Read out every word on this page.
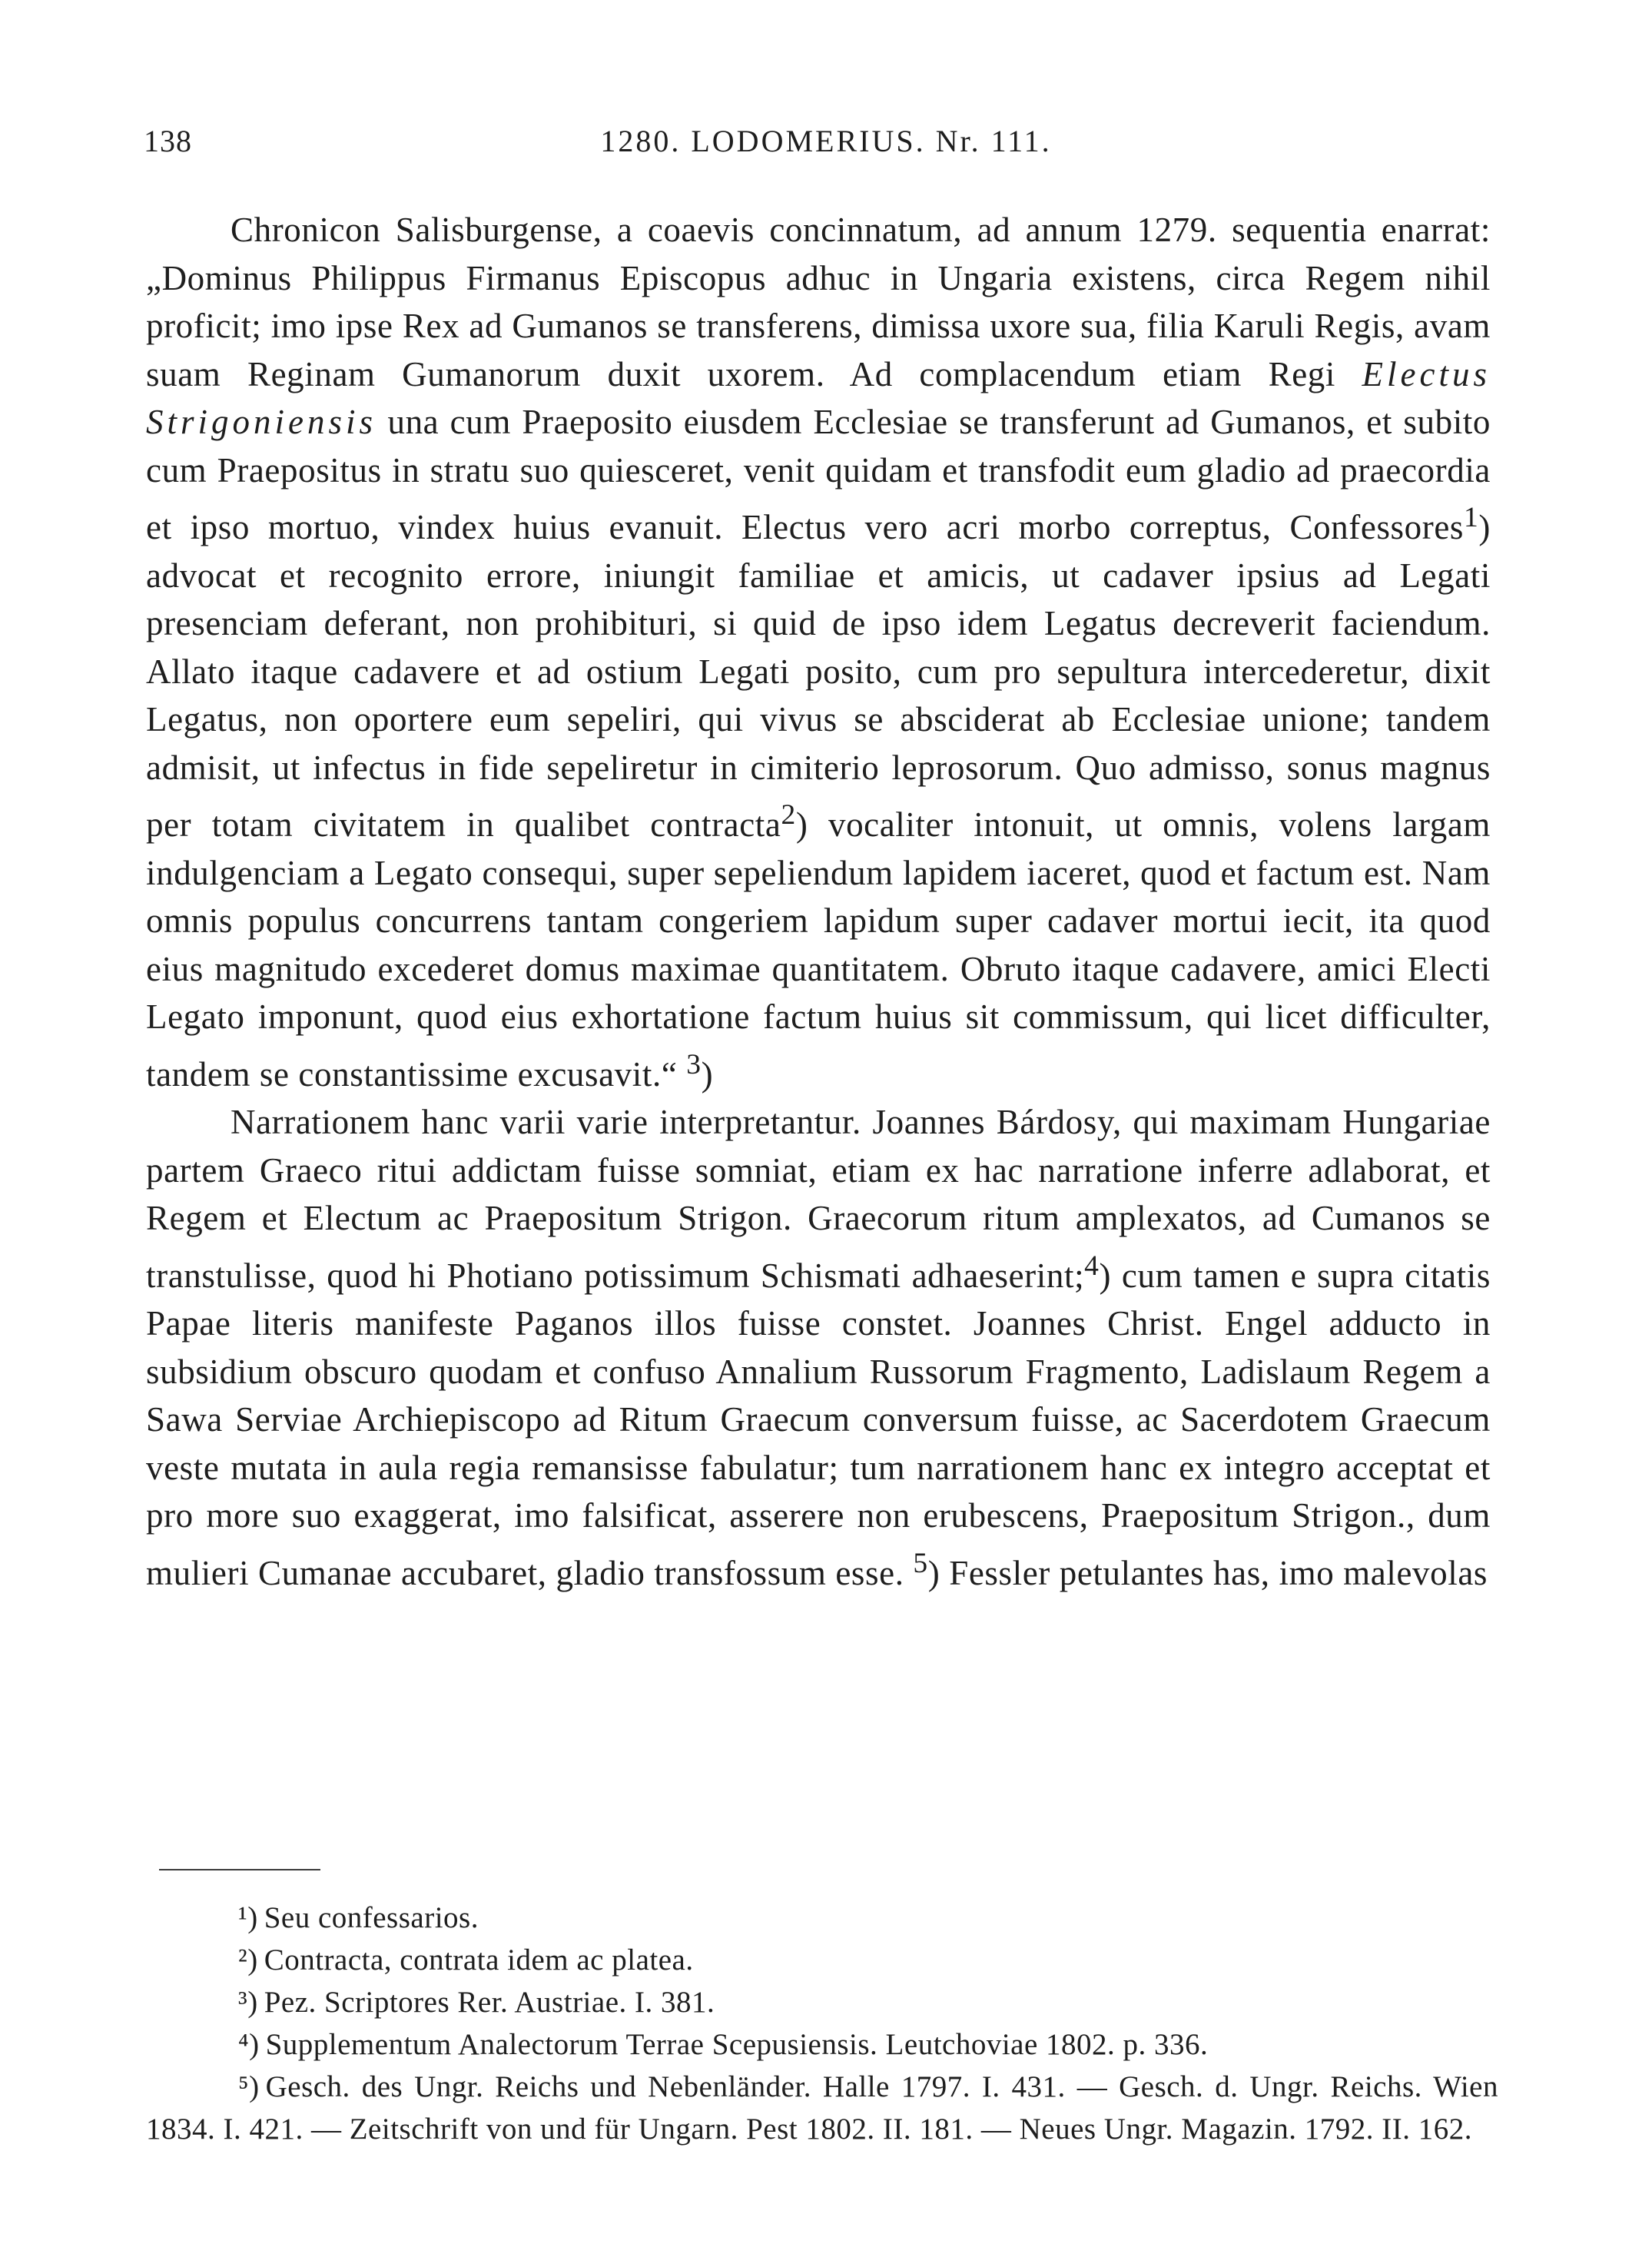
138	1280. LODOMERIUS. Nr. 111.

Chronicon Salisburgense, a coaevis concinnatum, ad annum 1279. sequentia enarrat: „Dominus Philippus Firmanus Episcopus adhuc in Ungaria existens, circa Regem nihil proficit; imo ipse Rex ad Gumanos se transferens, dimissa uxore sua, filia Karuli Regis, avam suam Reginam Gumanorum duxit uxorem. Ad complacendum etiam Regi Electus Strigoniensis una cum Praeposito eiusdem Ecclesiae se transferunt ad Gumanos, et subito cum Praepositus in stratu suo quiesceret, venit quidam et transfodit eum gladio ad praecordia et ipso mortuo, vindex huius evanuit. Electus vero acri morbo correptus, Confessores$^1$) advocat et recognito errore, iniungit familiae et amicis, ut cadaver ipsius ad Legati presenciam deferant, non prohibituri, si quid de ipso idem Legatus decreverit faciendum. Allato itaque cadavere et ad ostium Legati posito, cum pro sepultura intercederetur, dixit Legatus, non oportere eum sepeliri, qui vivus se absciderat ab Ecclesiae unione; tandem admisit, ut infectus in fide sepeliretur in cimiterio leprosorum. Quo admisso, sonus magnus per totam civitatem in qualibet contracta$^2$) vocaliter intonuit, ut omnis, volens largam indulgenciam a Legato consequi, super sepeliendum lapidem iaceret, quod et factum est. Nam omnis populus concurrens tantam congeriem lapidum super cadaver mortui iecit, ita quod eius magnitudo excederet domus maximae quantitatem. Obruto itaque cadavere, amici Electi Legato imponunt, quod eius exhortatione factum huius sit commissum, qui licet difficulter, tandem se constantissime excusavit.“ $^3$)

Narrationem hanc varii varie interpretantur. Joannes Bárdosy, qui maximam Hungariae partem Graeco ritui addictam fuisse somniat, etiam ex hac narratione inferre adlaborat, et Regem et Electum ac Praepositum Strigon. Graecorum ritum amplexatos, ad Cumanos se transtulisse, quod hi Photiano potissimum Schismati adhaeserint;$^4$) cum tamen e supra citatis Papae literis manifeste Paganos illos fuisse constet. Joannes Christ. Engel adducto in subsidium obscuro quodam et confuso Annalium Russorum Fragmento, Ladislaum Regem a Sawa Serviae Archiepiscopo ad Ritum Graecum conversum fuisse, ac Sacerdotem Graecum veste mutata in aula regia remansisse fabulatur; tum narrationem hanc ex integro acceptat et pro more suo exaggerat, imo falsificat, asserere non erubescens, Praepositum Strigon., dum mulieri Cumanae accubaret, gladio transfossum esse. $^5$) Fessler petulantes has, imo malevolas

¹) Seu confessarios.

²) Contracta, contrata idem ac platea.

³) Pez. Scriptores Rer. Austriae. I. 381.

⁴) Supplementum Analectorum Terrae Scepusiensis. Leutchoviae 1802. p. 336.

⁵) Gesch. des Ungr. Reichs und Nebenländer. Halle 1797. I. 431. — Gesch. d. Ungr. Reichs. Wien 1834. I. 421. — Zeitschrift von und für Ungarn. Pest 1802. II. 181. — Neues Ungr. Magazin. 1792. II. 162.
